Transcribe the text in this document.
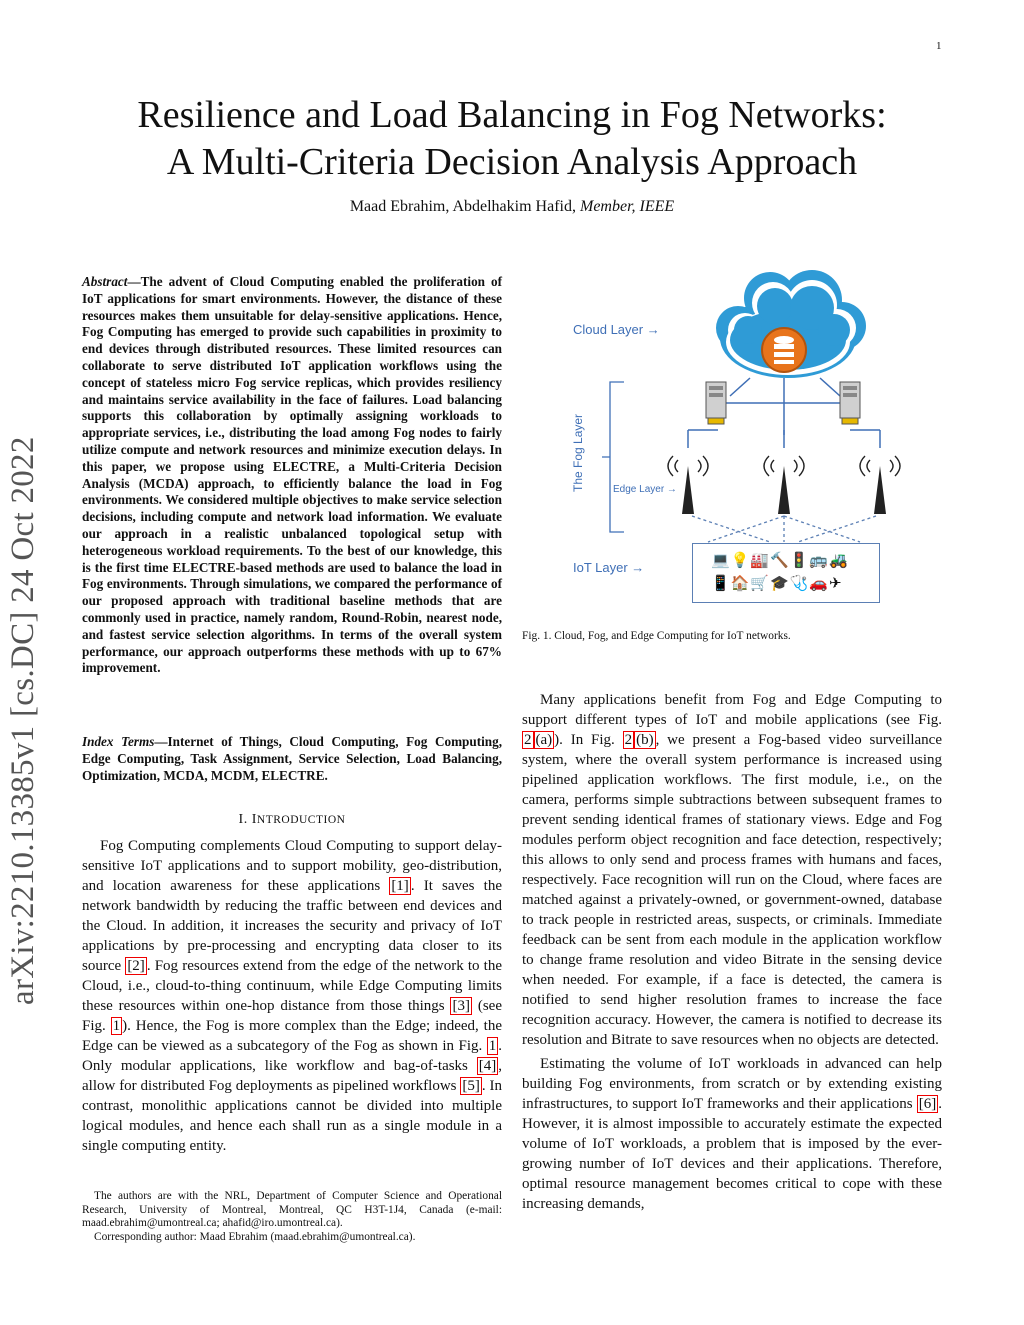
1
Resilience and Load Balancing in Fog Networks:
A Multi-Criteria Decision Analysis Approach
Maad Ebrahim, Abdelhakim Hafid, Member, IEEE
arXiv:2210.13385v1 [cs.DC] 24 Oct 2022
Abstract—The advent of Cloud Computing enabled the proliferation of IoT applications for smart environments. However, the distance of these resources makes them unsuitable for delay-sensitive applications. Hence, Fog Computing has emerged to provide such capabilities in proximity to end devices through distributed resources. These limited resources can collaborate to serve distributed IoT application workflows using the concept of stateless micro Fog service replicas, which provides resiliency and maintains service availability in the face of failures. Load balancing supports this collaboration by optimally assigning workloads to appropriate services, i.e., distributing the load among Fog nodes to fairly utilize compute and network resources and minimize execution delays. In this paper, we propose using ELECTRE, a Multi-Criteria Decision Analysis (MCDA) approach, to efficiently balance the load in Fog environments. We considered multiple objectives to make service selection decisions, including compute and network load information. We evaluate our approach in a realistic unbalanced topological setup with heterogeneous workload requirements. To the best of our knowledge, this is the first time ELECTRE-based methods are used to balance the load in Fog environments. Through simulations, we compared the performance of our proposed approach with traditional baseline methods that are commonly used in practice, namely random, Round-Robin, nearest node, and fastest service selection algorithms. In terms of the overall system performance, our approach outperforms these methods with up to 67% improvement.
Index Terms—Internet of Things, Cloud Computing, Fog Computing, Edge Computing, Task Assignment, Service Selection, Load Balancing, Optimization, MCDA, MCDM, ELECTRE.
I. INTRODUCTION

Fog Computing complements Cloud Computing to support delay-sensitive IoT applications and to support mobility, geo-distribution, and location awareness for these applications [1] . It saves the network bandwidth by reducing the traffic between end devices and the Cloud. In addition, it increases the security and privacy of IoT applications by pre-processing and encrypting data closer to its source [2] . Fog resources extend from the edge of the network to the Cloud, i.e., cloud-to-thing continuum, while Edge Computing limits these resources within one-hop distance from those things [3] (see Fig. 1 ). Hence, the Fog is more complex than the Edge; indeed, the Edge can be viewed as a subcategory of the Fog as shown in Fig. 1 . Only modular applications, like workflow and bag-of-tasks [4] , allow for distributed Fog deployments as pipelined workflows [5] . In contrast, monolithic applications cannot be divided into multiple logical modules, and hence each shall run as a single module in a single computing entity.

The authors are with the NRL, Department of Computer Science and Operational Research, University of Montreal, Montreal, QC H3T-1J4, Canada (e-mail: maad.ebrahim@umontreal.ca; ahafid@iro.umontreal.ca).

Corresponding author: Maad Ebrahim (maad.ebrahim@umontreal.ca).

Cloud Layer →
The Fog Layer	Edge Layer →
IoT Layer →	💻💡🏭🔨🚦🚌🚜
📱🏠🛒🎓🩺🚗✈
Fig. 1. Cloud, Fog, and Edge Computing for IoT networks.

Many applications benefit from Fog and Edge Computing to support different types of IoT and mobile applications (see Fig. 2 (a) ). In Fig. 2 (b) , we present a Fog-based video surveillance system, where the overall system performance is increased using pipelined application workflows. The first module, i.e., on the camera, performs simple subtractions between subsequent frames to prevent sending identical frames of stationary views. Edge and Fog modules perform object recognition and face detection, respectively; this allows to only send and process frames with humans and faces, respectively. Face recognition will run on the Cloud, where faces are matched against a privately-owned, or government-owned, database to track people in restricted areas, suspects, or criminals. Immediate feedback can be sent from each module in the application workflow to change frame resolution and video Bitrate in the sensing device when needed. For example, if a face is detected, the camera is notified to send higher resolution frames to increase the face recognition accuracy. However, the camera is notified to decrease its resolution and Bitrate to save resources when no objects are detected.

Estimating the volume of IoT workloads in advanced can help building Fog environments, from scratch or by extending existing infrastructures, to support IoT frameworks and their applications [6] . However, it is almost impossible to accurately estimate the expected volume of IoT workloads, a problem that is imposed by the ever-growing number of IoT devices and their applications. Therefore, optimal resource management becomes critical to cope with these increasing demands,
